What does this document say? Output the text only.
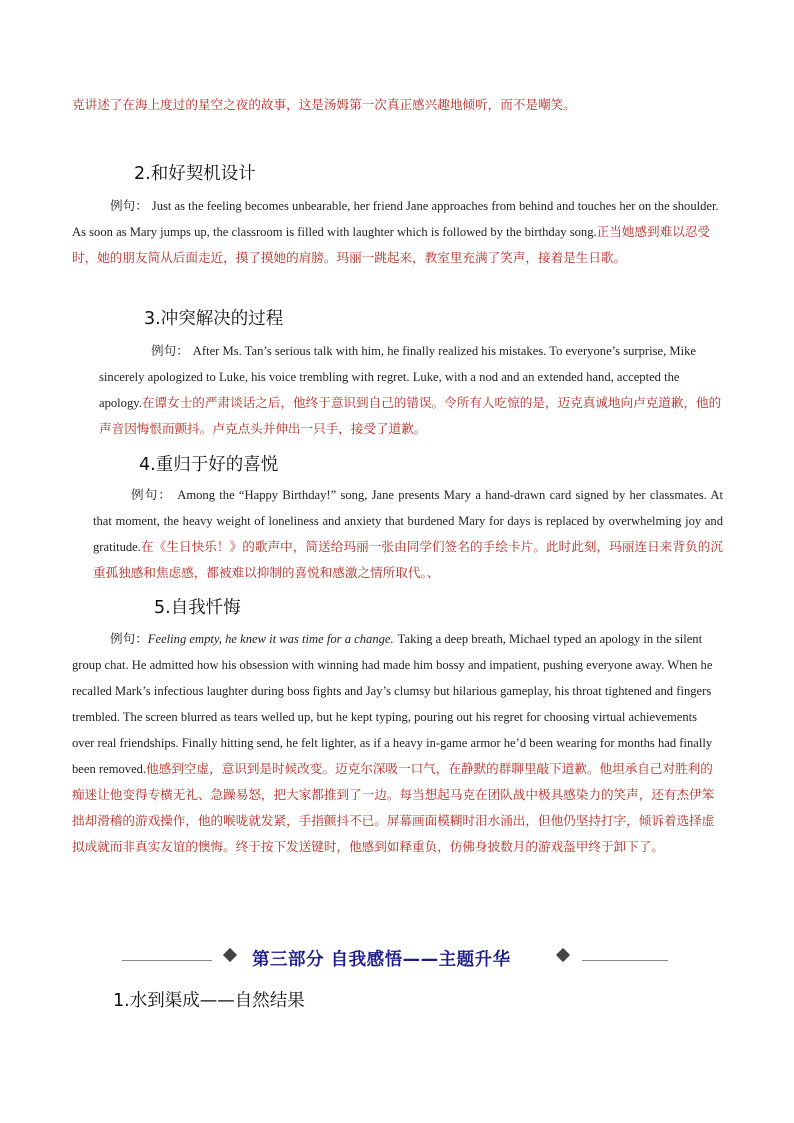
克讲述了在海上度过的星空之夜的故事，这是汤姆第一次真正感兴趣地倾听，而不是嘲笑。
2.和好契机设计
例句： Just as the feeling becomes unbearable, her friend Jane approaches from behind and touches her on the shoulder. As soon as Mary jumps up, the classroom is filled with laughter which is followed by the birthday song.正当她感到难以忍受时，她的朋友简从后面走近，摸了摸她的肩膀。玛丽一跳起来，教室里充满了笑声，接着是生日歌。
3.冲突解决的过程
例句： After Ms. Tan’s serious talk with him, he finally realized his mistakes. To everyone’s surprise, Mike sincerely apologized to Luke, his voice trembling with regret. Luke, with a nod and an extended hand, accepted the apology.在谭女士的严肃谈话之后，他终于意识到自己的错误。令所有人吃惊的是，迈克真诚地向卢克道歉，他的声音因悔恨而颤抖。卢克点头并伸出一只手，接受了道歉。
4.重归于好的喜悦
例句： Among the “Happy Birthday!” song, Jane presents Mary a hand-drawn card signed by her classmates. At that moment, the heavy weight of loneliness and anxiety that burdened Mary for days is replaced by overwhelming joy and gratitude.在《生日快乐！》的歌声中，简送给玛丽一张由同学们签名的手绘卡片。此时此刻，玛丽连日来背负的沉重孤独感和焦虑感，都被难以抑制的喜悦和感激之情所取代。、
5.自我忏悔
例句：Feeling empty, he knew it was time for a change. Taking a deep breath, Michael typed an apology in the silent group chat. He admitted how his obsession with winning had made him bossy and impatient, pushing everyone away. When he recalled Mark’s infectious laughter during boss fights and Jay’s clumsy but hilarious gameplay, his throat tightened and fingers trembled. The screen blurred as tears welled up, but he kept typing, pouring out his regret for choosing virtual achievements over real friendships. Finally hitting send, he felt lighter, as if a heavy in-game armor he’d been wearing for months had finally been removed.他感到空虚，意识到是时候改变。迈克尔深吸一口气，在静默的群聊里敲下道歉。他坦承自己对胜利的痴迷让他变得专横无礼、急躁易怒，把大家都推到了一边。每当想起马克在团队战中极具感染力的笑声，还有杰伊笨拙却滑稽的游戏操作，他的喉咙就发紧，手指颤抖不已。屏幕画面模糊时泪水涌出，但他仍坚持打字，倾诉着选择虚拟成就而非真实友谊的懊悔。终于按下发送键时，他感到如释重负，仿佛身披数月的游戏盔甲终于卸下了。
第三部分 自我感悟——主题升华
1.水到渠成——自然结果
